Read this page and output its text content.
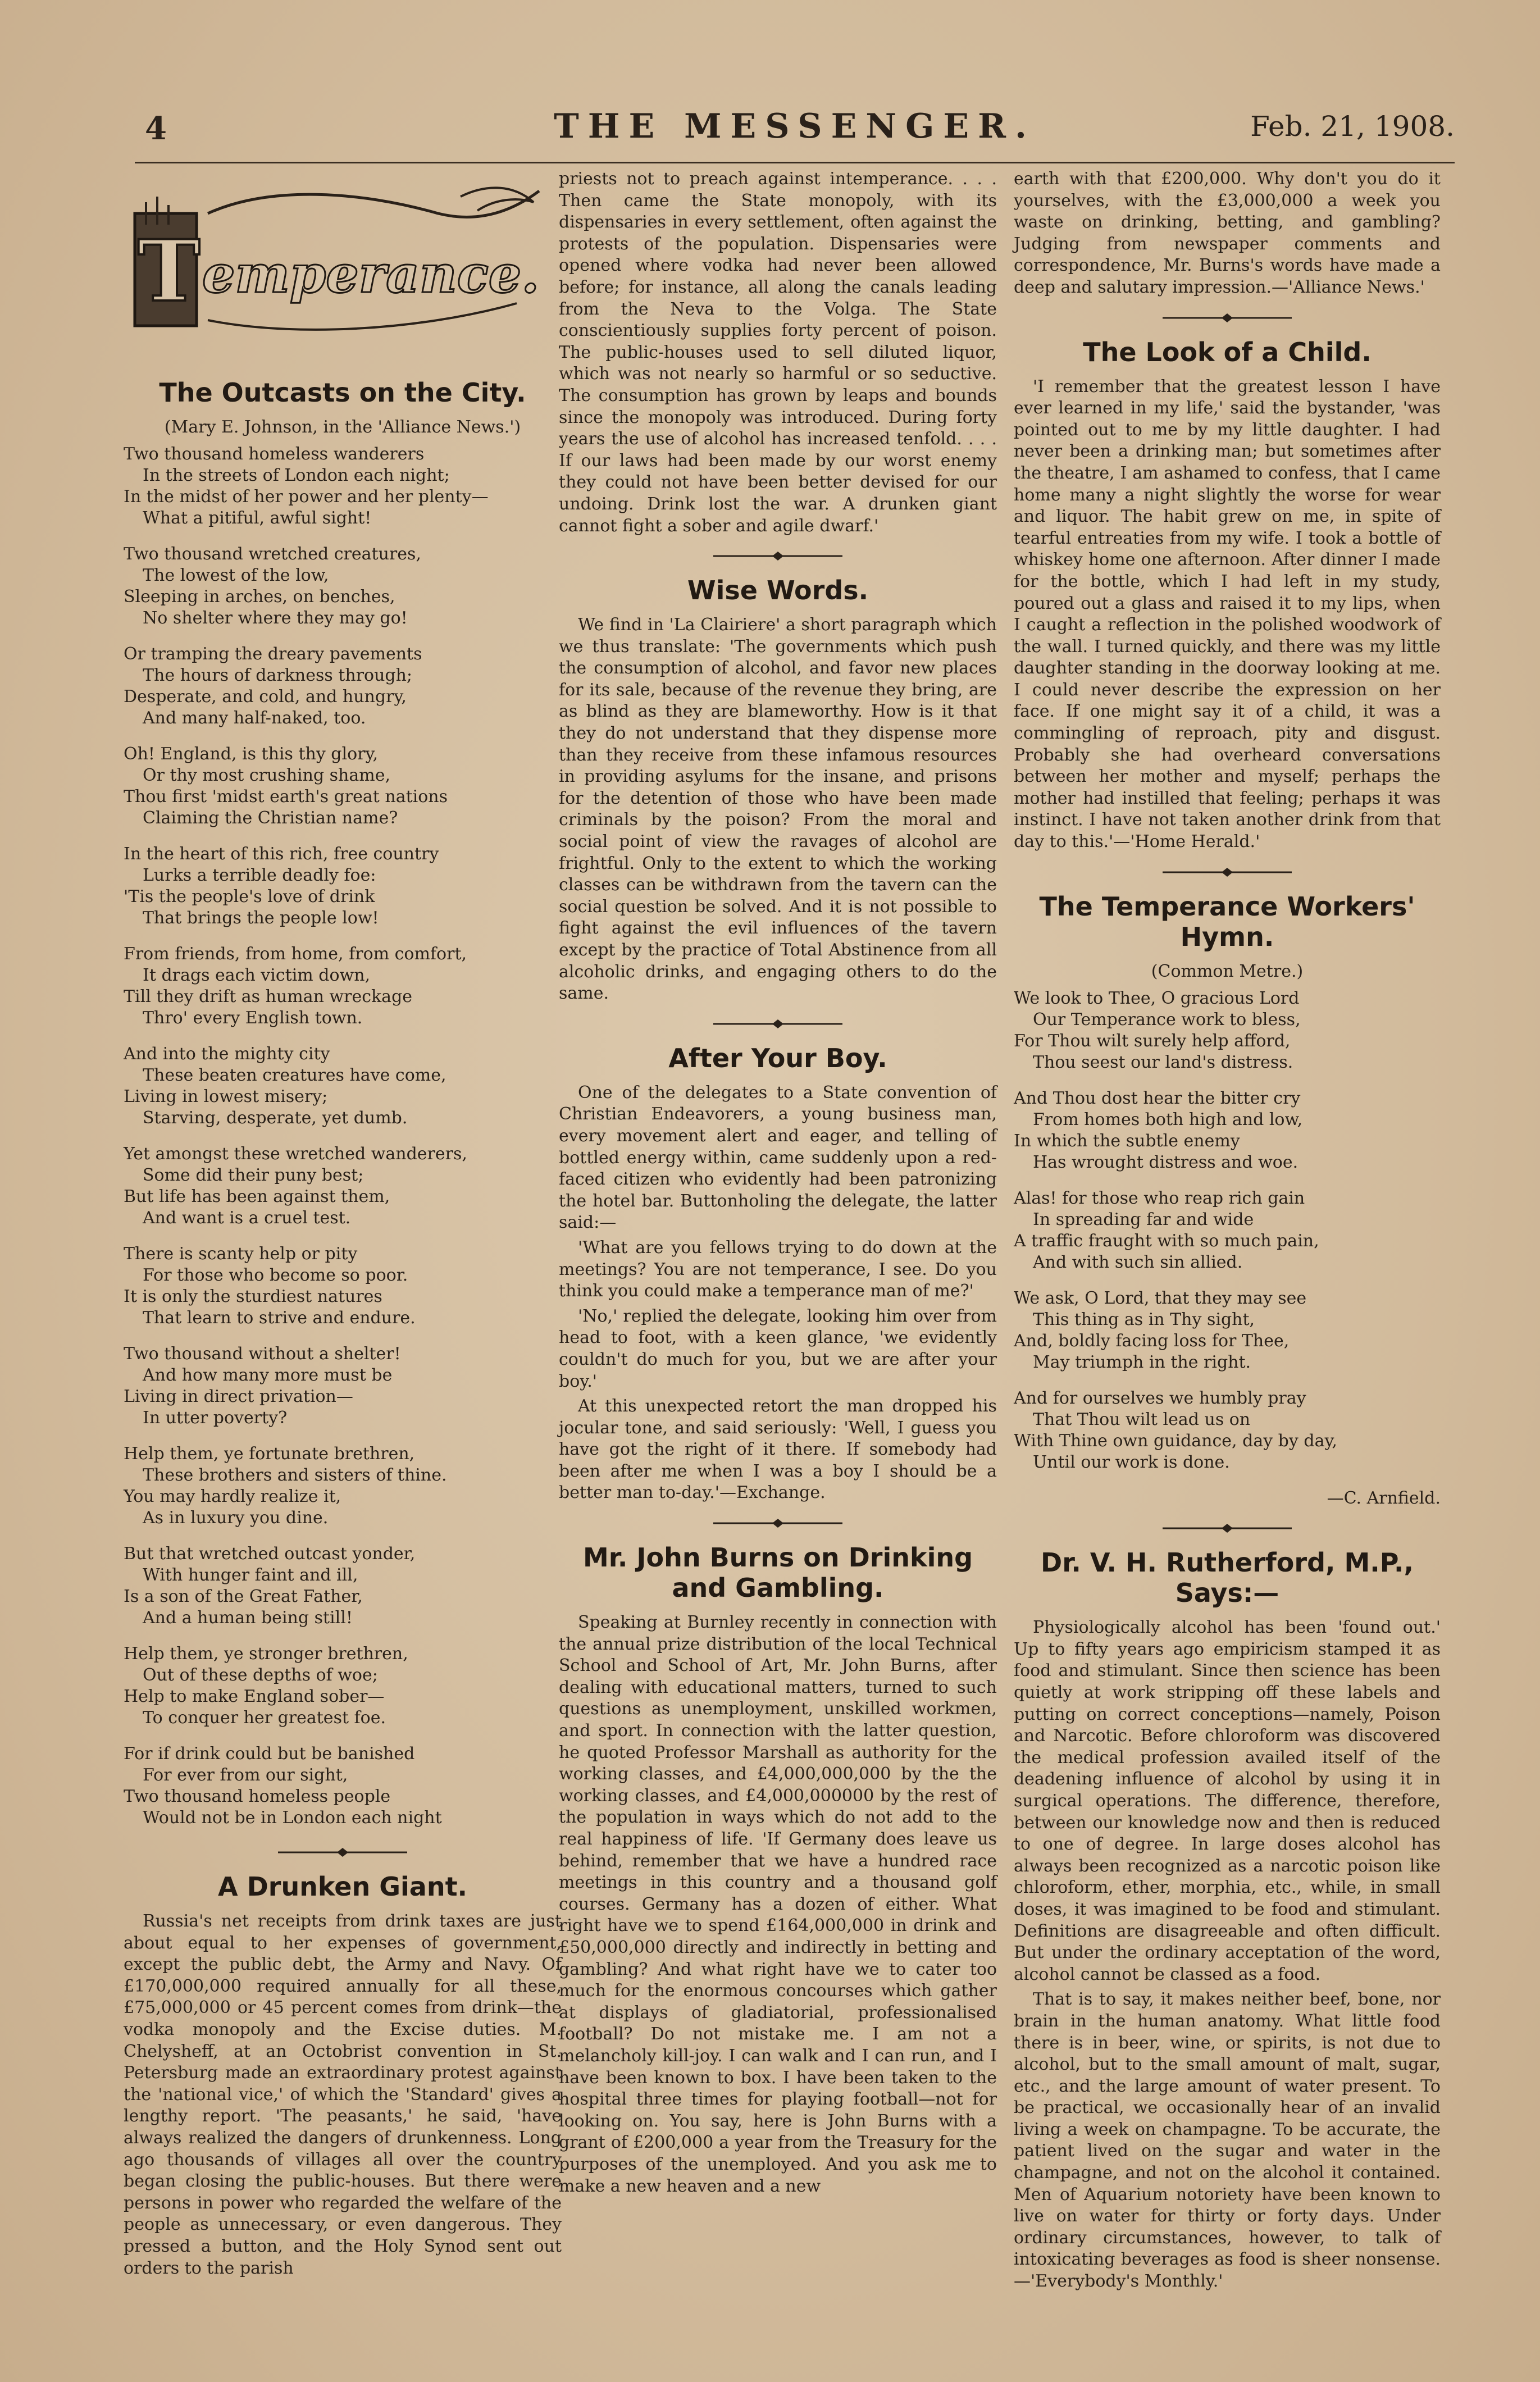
4	THE MESSENGER.	Feb. 21, 1908.
T emperance.
The Outcasts on the City.
(Mary E. Johnson, in the 'Alliance News.')
Two thousand homeless wanderers
In the streets of London each night;
In the midst of her power and her plenty—
What a pitiful, awful sight!
Two thousand wretched creatures,
The lowest of the low,
Sleeping in arches, on benches,
No shelter where they may go!
Or tramping the dreary pavements
The hours of darkness through;
Desperate, and cold, and hungry,
And many half-naked, too.
Oh! England, is this thy glory,
Or thy most crushing shame,
Thou first 'midst earth's great nations
Claiming the Christian name?
In the heart of this rich, free country
Lurks a terrible deadly foe:
'Tis the people's love of drink
That brings the people low!
From friends, from home, from comfort,
It drags each victim down,
Till they drift as human wreckage
Thro' every English town.
And into the mighty city
These beaten creatures have come,
Living in lowest misery;
Starving, desperate, yet dumb.
Yet amongst these wretched wanderers,
Some did their puny best;
But life has been against them,
And want is a cruel test.
There is scanty help or pity
For those who become so poor.
It is only the sturdiest natures
That learn to strive and endure.
Two thousand without a shelter!
And how many more must be
Living in direct privation—
In utter poverty?
Help them, ye fortunate brethren,
These brothers and sisters of thine.
You may hardly realize it,
As in luxury you dine.
But that wretched outcast yonder,
With hunger faint and ill,
Is a son of the Great Father,
And a human being still!
Help them, ye stronger brethren,
Out of these depths of woe;
Help to make England sober—
To conquer her greatest foe.
For if drink could but be banished
For ever from our sight,
Two thousand homeless people
Would not be in London each night
A Drunken Giant.

Russia's net receipts from drink taxes are just about equal to her expenses of government, except the public debt, the Army and Navy. Of £170,000,000 required annually for all these, £75,000,000 or 45 percent comes from drink—the vodka monopoly and the Excise duties. M. Chelysheff, at an Octobrist convention in St. Petersburg made an extraordinary protest against the 'national vice,' of which the 'Standard' gives a lengthy report. 'The peasants,' he said, 'have always realized the dangers of drunkenness. Long ago thousands of villages all over the country began closing the public-houses. But there were persons in power who regarded the welfare of the people as unnecessary, or even dangerous. They pressed a button, and the Holy Synod sent out orders to the parish

priests not to preach against intemperance. . . . Then came the State monopoly, with its dispensaries in every settlement, often against the protests of the population. Dispensaries were opened where vodka had never been allowed before; for instance, all along the canals leading from the Neva to the Volga. The State conscientiously supplies forty percent of poison. The public-houses used to sell diluted liquor, which was not nearly so harmful or so seductive. The consumption has grown by leaps and bounds since the monopoly was introduced. During forty years the use of alcohol has increased tenfold. . . . If our laws had been made by our worst enemy they could not have been better devised for our undoing. Drink lost the war. A drunken giant cannot fight a sober and agile dwarf.'

Wise Words.

We find in 'La Clairiere' a short paragraph which we thus translate: 'The governments which push the consumption of alcohol, and favor new places for its sale, because of the revenue they bring, are as blind as they are blameworthy. How is it that they do not understand that they dispense more than they receive from these infamous resources in providing asylums for the insane, and prisons for the detention of those who have been made criminals by the poison? From the moral and social point of view the ravages of alcohol are frightful. Only to the extent to which the working classes can be withdrawn from the tavern can the social question be solved. And it is not possible to fight against the evil influences of the tavern except by the practice of Total Abstinence from all alcoholic drinks, and engaging others to do the same.

After Your Boy.

One of the delegates to a State convention of Christian Endeavorers, a young business man, every movement alert and eager, and telling of bottled energy within, came suddenly upon a red-faced citizen who evidently had been patronizing the hotel bar. Buttonholing the delegate, the latter said:—

'What are you fellows trying to do down at the meetings? You are not temperance, I see. Do you think you could make a temperance man of me?'

'No,' replied the delegate, looking him over from head to foot, with a keen glance, 'we evidently couldn't do much for you, but we are after your boy.'

At this unexpected retort the man dropped his jocular tone, and said seriously: 'Well, I guess you have got the right of it there. If somebody had been after me when I was a boy I should be a better man to-day.'—Exchange.

Mr. John Burns on Drinking and Gambling.

Speaking at Burnley recently in connection with the annual prize distribution of the local Technical School and School of Art, Mr. John Burns, after dealing with educational matters, turned to such questions as unemployment, unskilled workmen, and sport. In connection with the latter question, he quoted Professor Marshall as authority for the working classes, and £4,000,000,000 by the the working classes, and £4,000,000000 by the rest of the population in ways which do not add to the real happiness of life. 'If Germany does leave us behind, remember that we have a hundred race meetings in this country and a thousand golf courses. Germany has a dozen of either. What right have we to spend £164,000,000 in drink and £50,000,000 directly and indirectly in betting and gambling? And what right have we to cater too much for the enormous concourses which gather at displays of gladiatorial, professionalised football? Do not mistake me. I am not a melancholy kill-joy. I can walk and I can run, and I have been known to box. I have been taken to the hospital three times for playing football—not for looking on. You say, here is John Burns with a grant of £200,000 a year from the Treasury for the purposes of the unemployed. And you ask me to make a new heaven and a new

earth with that £200,000. Why don't you do it yourselves, with the £3,000,000 a week you waste on drinking, betting, and gambling? Judging from newspaper comments and correspondence, Mr. Burns's words have made a deep and salutary impression.—'Alliance News.'

The Look of a Child.

'I remember that the greatest lesson I have ever learned in my life,' said the bystander, 'was pointed out to me by my little daughter. I had never been a drinking man; but sometimes after the theatre, I am ashamed to confess, that I came home many a night slightly the worse for wear and liquor. The habit grew on me, in spite of tearful entreaties from my wife. I took a bottle of whiskey home one afternoon. After dinner I made for the bottle, which I had left in my study, poured out a glass and raised it to my lips, when I caught a reflection in the polished woodwork of the wall. I turned quickly, and there was my little daughter standing in the doorway looking at me. I could never describe the expression on her face. If one might say it of a child, it was a commingling of reproach, pity and disgust. Probably she had overheard conversations between her mother and myself; perhaps the mother had instilled that feeling; perhaps it was instinct. I have not taken another drink from that day to this.'—'Home Herald.'

The Temperance Workers' Hymn.
(Common Metre.)
We look to Thee, O gracious Lord
Our Temperance work to bless,
For Thou wilt surely help afford,
Thou seest our land's distress.
And Thou dost hear the bitter cry
From homes both high and low,
In which the subtle enemy
Has wrought distress and woe.
Alas! for those who reap rich gain
In spreading far and wide
A traffic fraught with so much pain,
And with such sin allied.
We ask, O Lord, that they may see
This thing as in Thy sight,
And, boldly facing loss for Thee,
May triumph in the right.
And for ourselves we humbly pray
That Thou wilt lead us on
With Thine own guidance, day by day,
Until our work is done.

—C. Arnfield.

Dr. V. H. Rutherford, M.P., Says:—

Physiologically alcohol has been 'found out.' Up to fifty years ago empiricism stamped it as food and stimulant. Since then science has been quietly at work stripping off these labels and putting on correct conceptions—namely, Poison and Narcotic. Before chloroform was discovered the medical profession availed itself of the deadening influence of alcohol by using it in surgical operations. The difference, therefore, between our knowledge now and then is reduced to one of degree. In large doses alcohol has always been recognized as a narcotic poison like chloroform, ether, morphia, etc., while, in small doses, it was imagined to be food and stimulant. Definitions are disagreeable and often difficult. But under the ordinary acceptation of the word, alcohol cannot be classed as a food.

That is to say, it makes neither beef, bone, nor brain in the human anatomy. What little food there is in beer, wine, or spirits, is not due to alcohol, but to the small amount of malt, sugar, etc., and the large amount of water present. To be practical, we occasionally hear of an invalid living a week on champagne. To be accurate, the patient lived on the sugar and water in the champagne, and not on the alcohol it contained. Men of Aquarium notoriety have been known to live on water for thirty or forty days. Under ordinary circumstances, however, to talk of intoxicating beverages as food is sheer nonsense.—'Everybody's Monthly.'
